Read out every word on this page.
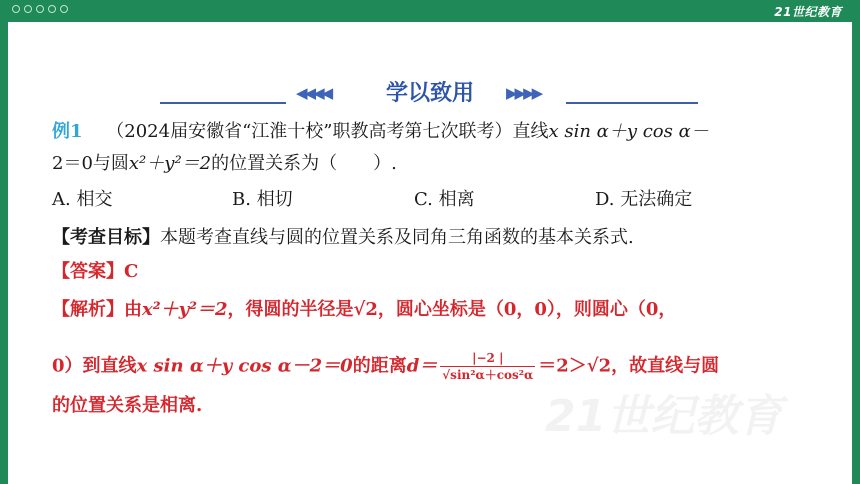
21世纪教育
◀◀◀◀	学以致用	▶▶▶▶
例1 （2024届安徽省“江淮十校”职教高考第七次联考）直线x sin α＋y cos α－
2＝0与圆x²＋y²＝2的位置关系为（　　）.
A. 相交	B. 相切	C. 相离	D. 无法确定
【考查目标】本题考查直线与圆的位置关系及同角三角函数的基本关系式.
【答案】C
【解析】由x²＋y²＝2，得圆的半径是√2，圆心坐标是（0，0），则圆心（0，
0）到直线x sin α＋y cos α－2＝0的距离$d= \frac{|-2 |}{\text{√sin²α＋cos²α}} =2>√2$，故直线与圆
的位置关系是相离.	21世纪教育
